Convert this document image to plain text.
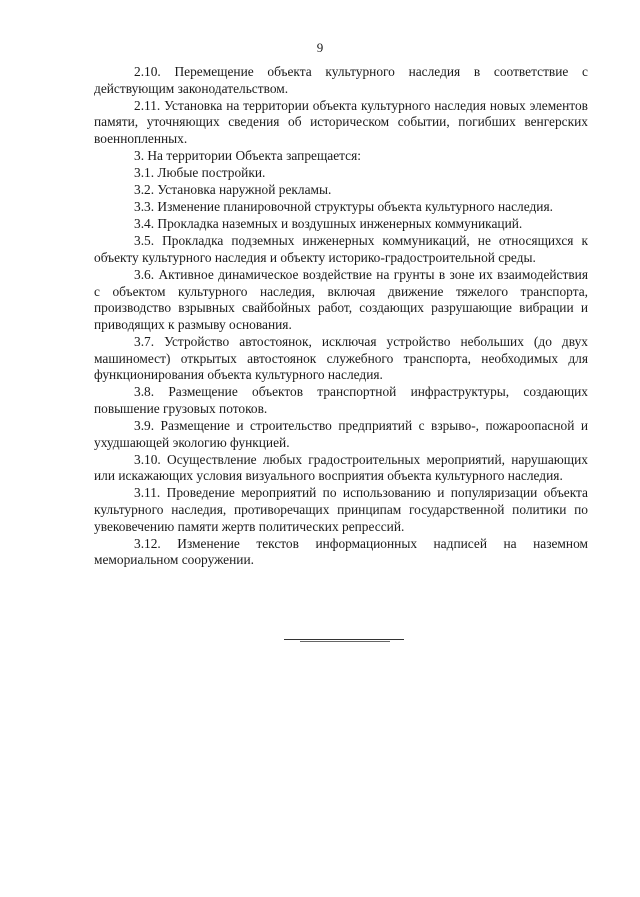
9

2.10. Перемещение объекта культурного наследия в соответствие с действующим законодательством.

2.11. Установка на территории объекта культурного наследия новых элементов памяти, уточняющих сведения об историческом событии, погибших венгерских военнопленных.

3. На территории Объекта запрещается:

3.1. Любые постройки.

3.2. Установка наружной рекламы.

3.3. Изменение планировочной структуры объекта культурного наследия.

3.4. Прокладка наземных и воздушных инженерных коммуникаций.

3.5. Прокладка подземных инженерных коммуникаций, не относящихся к объекту культурного наследия и объекту историко-градостроительной среды.

3.6. Активное динамическое воздействие на грунты в зоне их взаимодействия с объектом культурного наследия, включая движение тяжелого транспорта, производство взрывных свайбойных работ, создающих разрушающие вибрации и приводящих к размыву основания.

3.7. Устройство автостоянок, исключая устройство небольших (до двух машиномест) открытых автостоянок служебного транспорта, необходимых для функционирования объекта культурного наследия.

3.8. Размещение объектов транспортной инфраструктуры, создающих повышение грузовых потоков.

3.9. Размещение и строительство предприятий с взрыво-, пожароопасной и ухудшающей экологию функцией.

3.10. Осуществление любых градостроительных мероприятий, нарушающих или искажающих условия визуального восприятия объекта культурного наследия.

3.11. Проведение мероприятий по использованию и популяризации объекта культурного наследия, противоречащих принципам государственной политики по увековечению памяти жертв политических репрессий.

3.12. Изменение текстов информационных надписей на наземном мемориальном сооружении.
